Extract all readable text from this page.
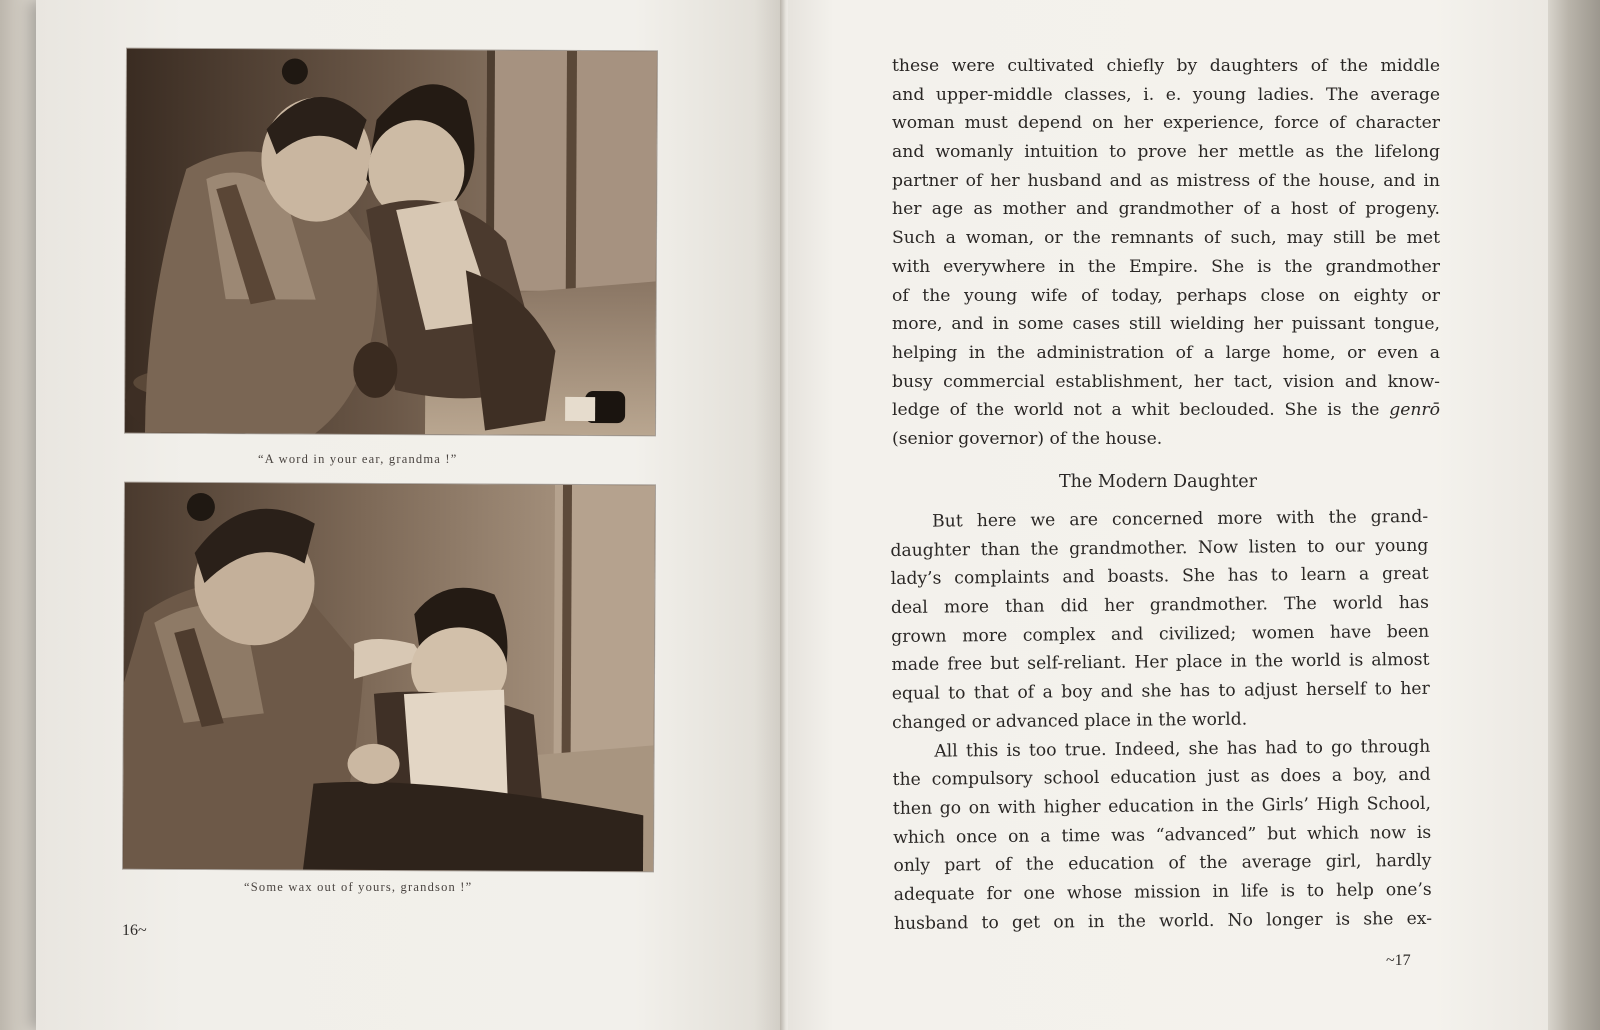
“A word in your ear, grandma !”
“Some wax out of yours, grandson !”
16~
these were cultivated chiefly by daughters of the middle
and upper-middle classes, i. e. young ladies. The average
woman must depend on her experience, force of character
and womanly intuition to prove her mettle as the lifelong
partner of her husband and as mistress of the house, and in
her age as mother and grandmother of a host of progeny.
Such a woman, or the remnants of such, may still be met
with everywhere in the Empire. She is the grandmother
of the young wife of today, perhaps close on eighty or
more, and in some cases still wielding her puissant tongue,
helping in the administration of a large home, or even a
busy commercial establishment, her tact, vision and know-
ledge of the world not a whit beclouded. She is the genrō
(senior governor) of the house.
The Modern Daughter
But here we are concerned more with the grand-
daughter than the grandmother. Now listen to our young
lady’s complaints and boasts. She has to learn a great
deal more than did her grandmother. The world has
grown more complex and civilized; women have been
made free but self-reliant. Her place in the world is almost
equal to that of a boy and she has to adjust herself to her
changed or advanced place in the world.
All this is too true. Indeed, she has had to go through
the compulsory school education just as does a boy, and
then go on with higher education in the Girls’ High School,
which once on a time was “advanced” but which now is
only part of the education of the average girl, hardly
adequate for one whose mission in life is to help one’s
husband to get on in the world. No longer is she ex-
~17
